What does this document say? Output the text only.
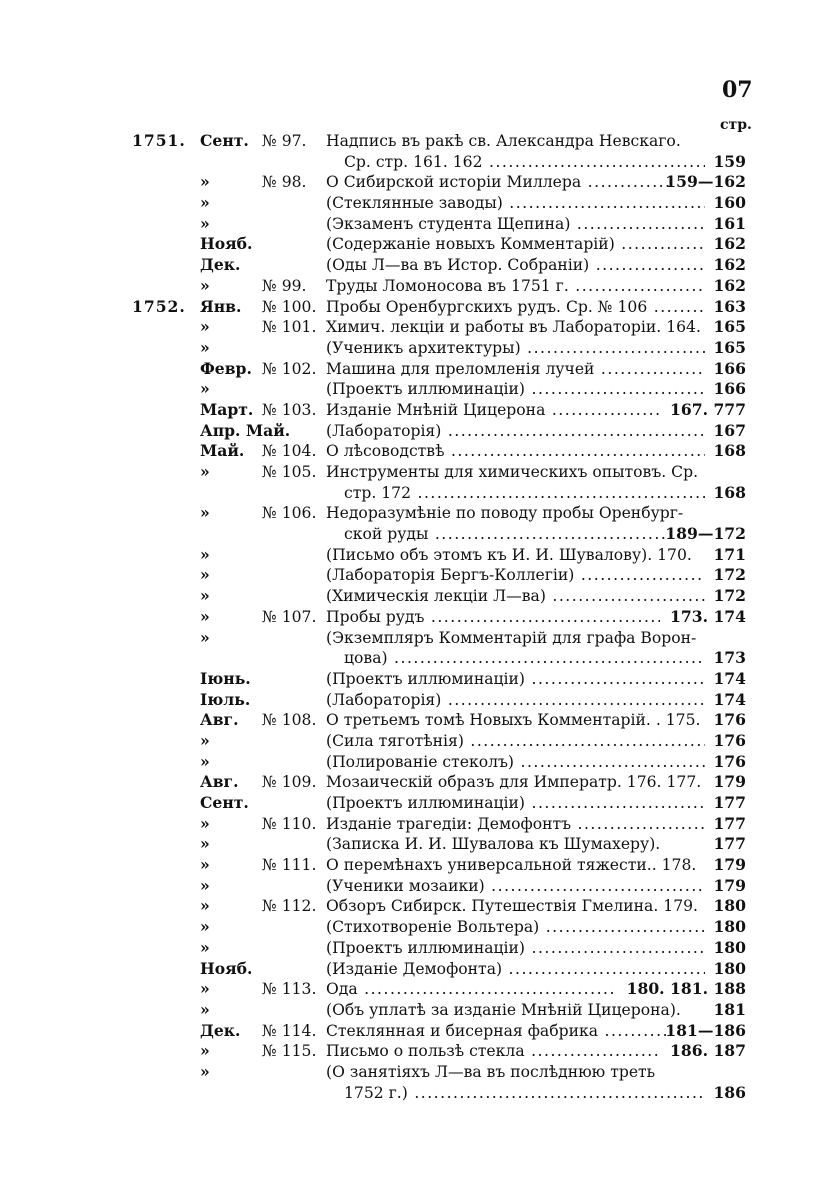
07
стр.
1751. Сент. № 97. Надпись въ ракѣ св. Александра Невскаго.
Ср. стр. 161. 162 .....	159
»	№ 98. О Сибирской исторіи Миллера .....	159—162
»	(Стеклянные заводы) .....	160
»	(Экзаменъ студента Щепина) .....	161
Нояб.	(Содержаніе новыхъ Комментарій) .....	162
Дек.	(Оды Л—ва въ Истор. Собраніи) .....	162
»	№ 99. Труды Ломоносова въ 1751 г. .....	162
1752. Янв. № 100. Пробы Оренбургскихъ рудъ. Ср. № 106 .....	163
»	№ 101. Химич. лекціи и работы въ Лабораторіи. 164. 165
»	(Ученикъ архитектуры) .....	165
Февр. № 102. Машина для преломленія лучей .....	166
»	(Проектъ иллюминацiи) .....	166
Март. № 103. Изданіе Мнѣній Цицерона .....	167. 777
Апр. Май. (Лабораторія) .....	167
Май. № 104. О лѣсоводствѣ .....	168
»	№ 105. Инструменты для химическихъ опытовъ. Ср.
стр. 172 .....	168
»	№ 106. Недоразумѣніе по поводу пробы Оренбург-
ской руды .....	189—172
»	(Письмо объ этомъ къ И. И. Шувалову). 170.	171
»	(Лабораторія Бергъ-Коллегіи) .....	172
»	(Химическія лекціи Л—ва) .....	172
»	№ 107. Пробы рудъ .....	173. 174
»	(Экземпляръ Комментарій для графа Ворон-
цова) .....	173
Іюнь.	(Проектъ иллюминацiи) .....	174
Іюль.	(Лабораторія) .....	174
Авг. № 108. О третьемъ томѣ Новыхъ Комментарій. . 175. 176
»	(Сила тяготѣнія) .....	176
»	(Полированіе стеколъ) .....	176
Авг. № 109. Мозаическій образъ для Императр. 176. 177. 179
Сент.	(Проектъ иллюминацiи) .....	177
»	№ 110. Изданіе трагедіи: Демофонтъ .....	177
»	(Записка И. И. Шувалова къ Шумахеру).	177
»	№ 111. О перемѣнахъ универсальной тяжести.. 178.	179
»	(Ученики мозаики) .....	179
»	№ 112. Обзоръ Сибирск. Путешествія Гмелина. 179. 180
»	(Стихотвореніе Вольтера) .....	180
»	(Проектъ иллюминацiи) .....	180
Нояб.	(Изданіе Демофонта) .....	180
»	№ 113. Ода .....	180. 181. 188
»	(Объ уплатѣ за изданіе Мнѣній Цицерона).	181
Дек. № 114. Стеклянная и бисерная фабрика .....	181—186
»	№ 115. Письмо о пользѣ стекла .....	186. 187
»	(О занятіяхъ Л—ва въ послѣднюю треть
1752 г.) .....	186
